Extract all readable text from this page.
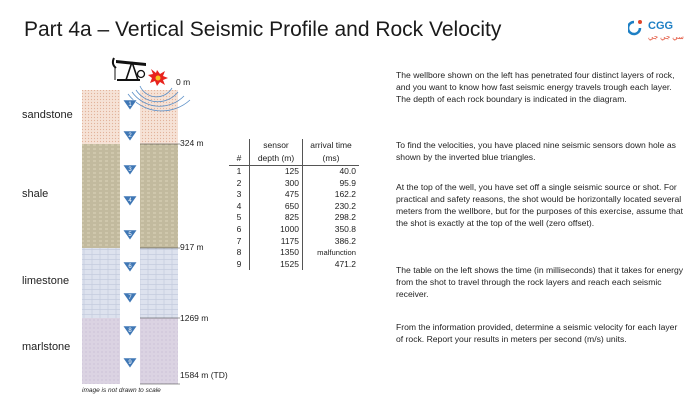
Part 4a – Vertical Seismic Profile and Rock Velocity	CGG
سي جي جي
1
2
3
4
5
6
7
8
9
sandstone
shale
limestone
marlstone
0 m
324 m
917 m
1269 m
1584 m (TD)
image is not drawn to scale
	sensor	arrival time
#	depth (m)	(ms)
1	125	40.0
2	300	95.9
3	475	162.2
4	650	230.2
5	825	298.2
6	1000	350.8
7	1175	386.2
8	1350	malfunction
9	1525	471.2
The wellbore shown on the left has penetrated four distinct layers of rock, and you want to know how fast seismic energy travels trough each layer. The depth of each rock boundary is indicated in the diagram.
To find the velocities, you have placed nine seismic sensors down hole as shown by the inverted blue triangles.
At the top of the well, you have set off a single seismic source or shot. For practical and safety reasons, the shot would be horizontally located several meters from the wellbore, but for the purposes of this exercise, assume that the shot is exactly at the top of the well (zero offset).
The table on the left shows the time (in milliseconds) that it takes for energy from the shot to travel through the rock layers and reach each seismic receiver.
From the information provided, determine a seismic velocity for each layer of rock. Report your results in meters per second (m/s) units.
